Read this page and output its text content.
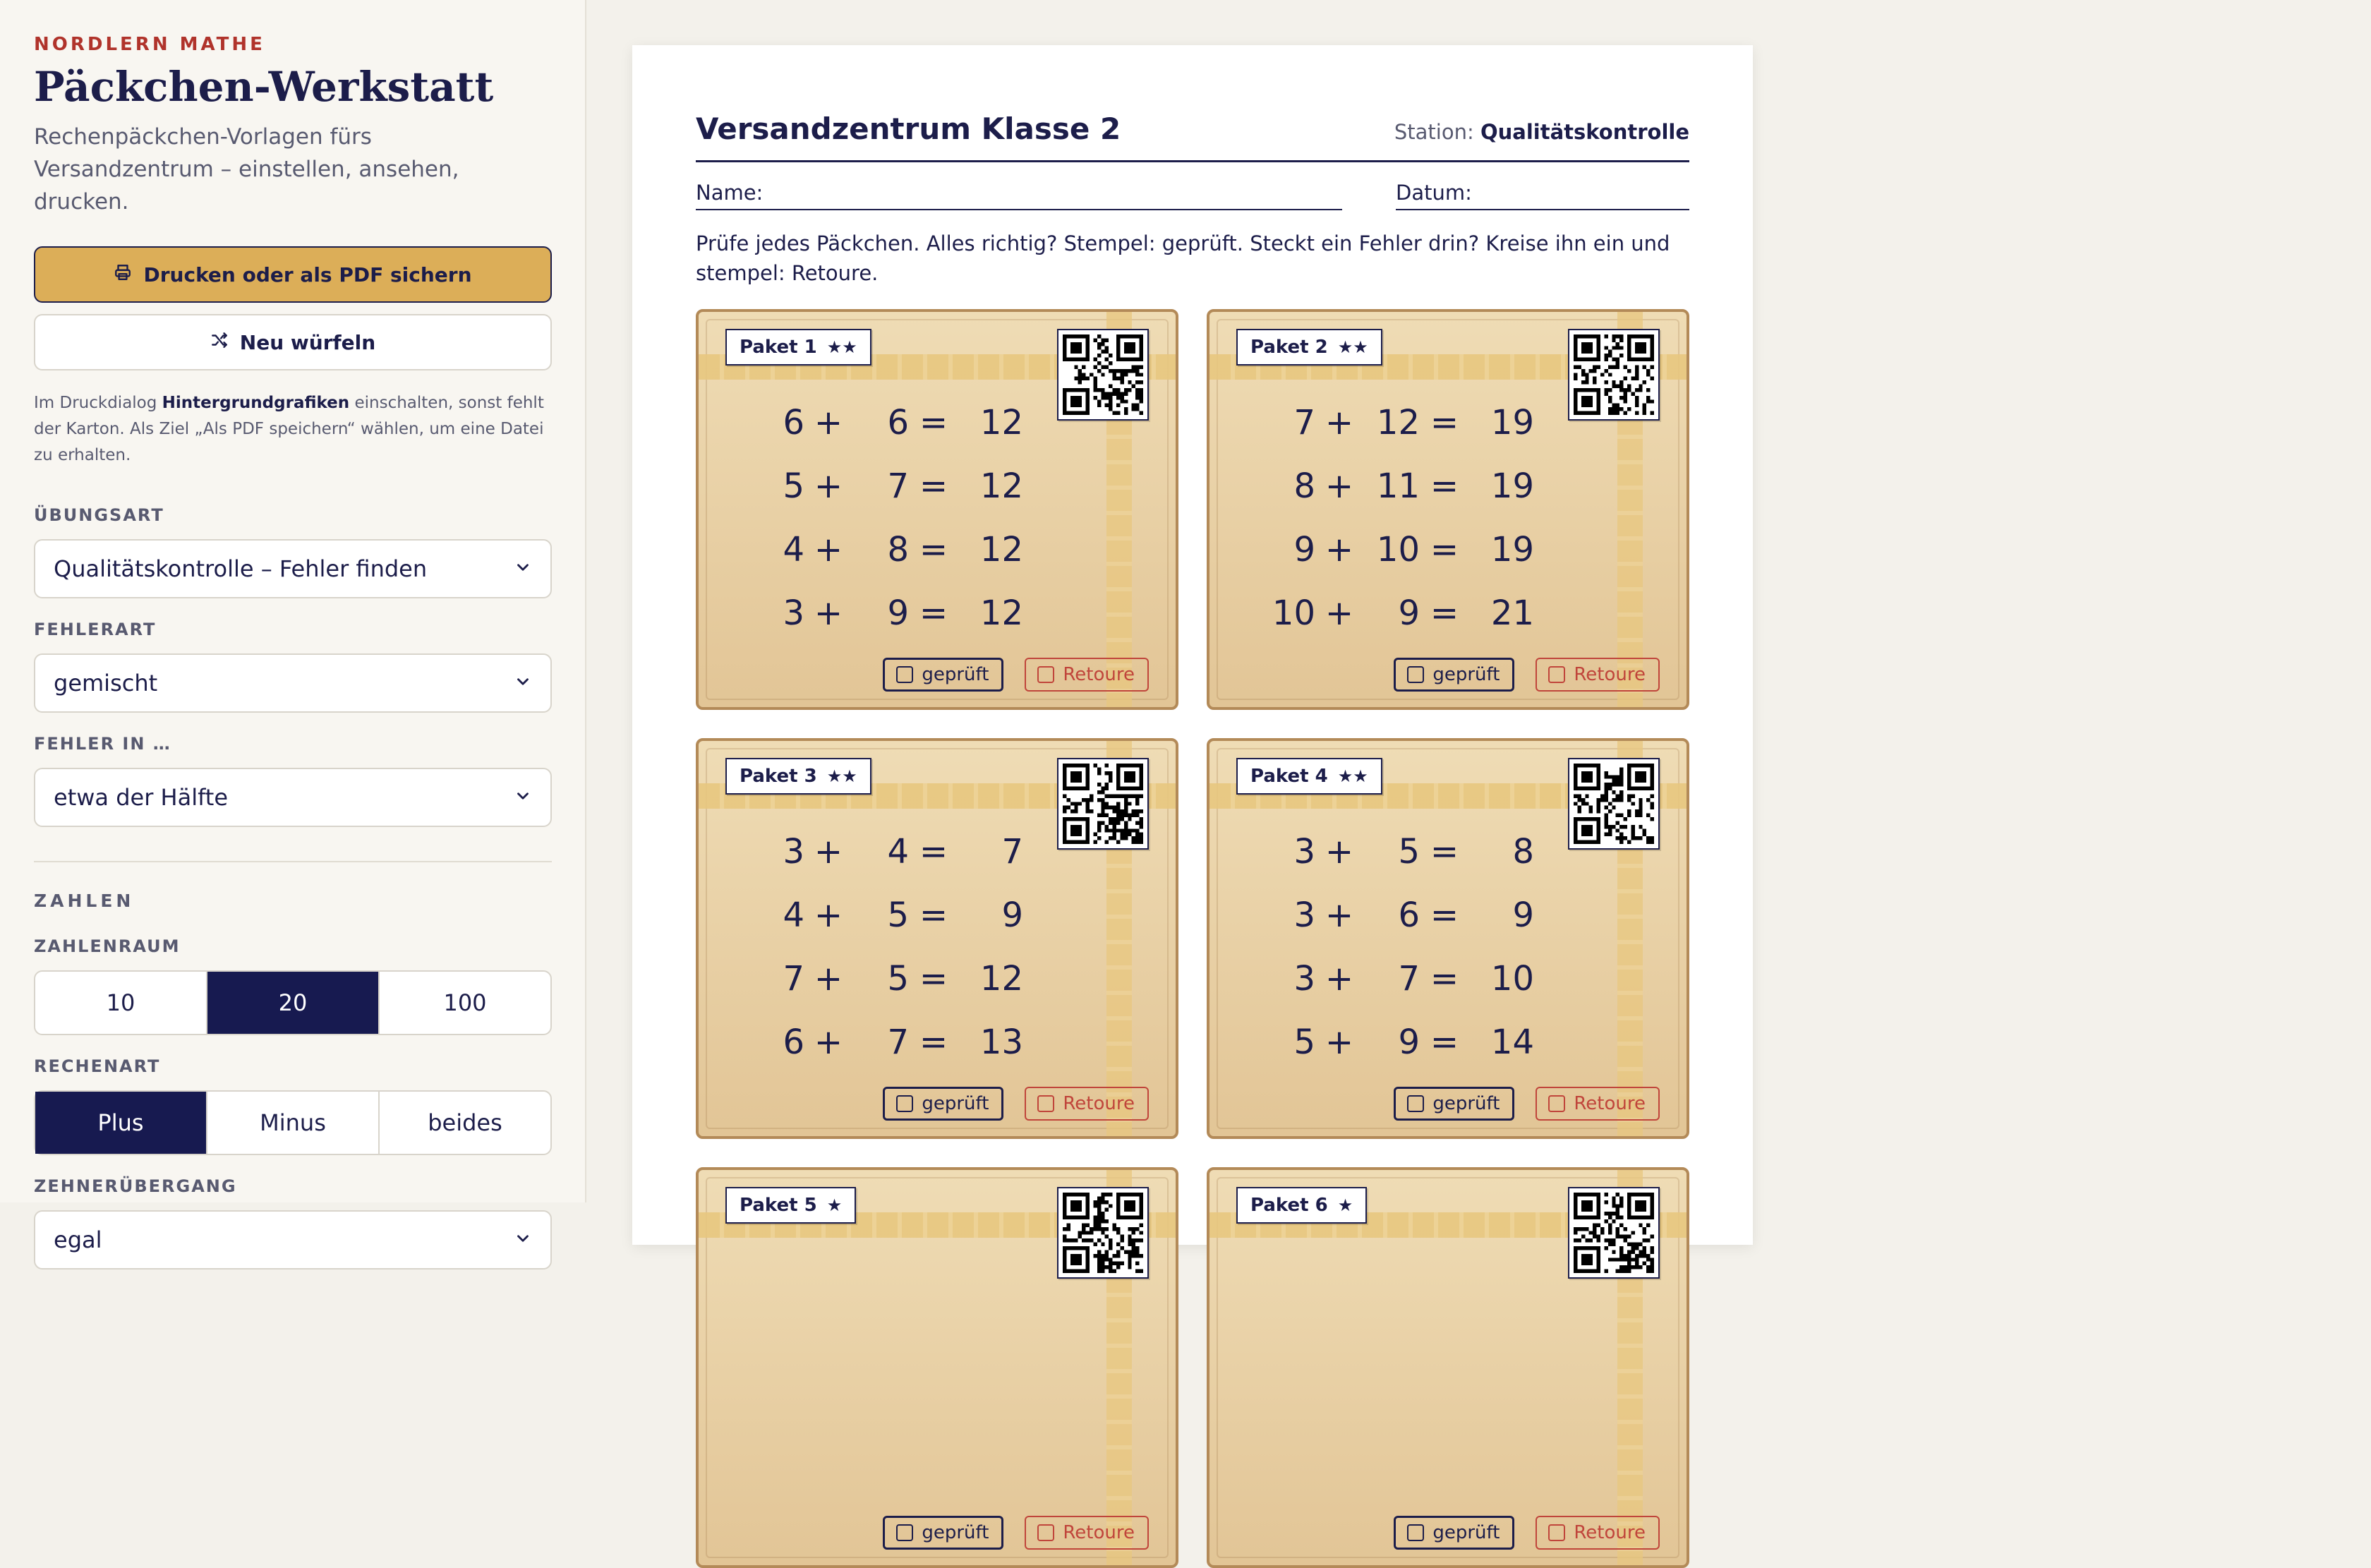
NORDLERN MATHE
Päckchen-Werkstatt

Rechenpäckchen-Vorlagen fürs Versandzentrum – einstellen, ansehen, drucken.

Drucken oder als PDF sichern
Neu würfeln

Im Druckdialog Hintergrundgrafiken einschalten, sonst fehlt der Karton. Als Ziel „Als PDF speichern“ wählen, um eine Datei zu erhalten.

ÜBUNGSART
Qualitätskontrolle – Fehler finden
FEHLERART
gemischt
FEHLER IN …
etwa der Hälfte
ZAHLEN
ZAHLENRAUM
10	20	100
RECHENART
Plus	Minus	beides
ZEHNERÜBERGANG
egal
Versandzentrum Klasse 2	Station: Qualitätskontrolle
Name:	Datum:

Prüfe jedes Päckchen. Alles richtig? Stempel: geprüft. Steckt ein Fehler drin? Kreise ihn ein und stempel: Retoure.

Paket 1 ★★
6 +	6 = 12
5 +	7 = 12
4 +	8 = 12
3 +	9 = 12
geprüft	Retoure
Paket 2 ★★
7 + 12 = 19
8 + 11 = 19
9 + 10 = 19
10 +	9 = 21
geprüft	Retoure
Paket 3 ★★
3 +	4 =	7
4 +	5 =	9
7 +	5 = 12
6 +	7 = 13
geprüft	Retoure
Paket 4 ★★
3 +	5 =	8
3 +	6 =	9
3 +	7 = 10
5 +	9 = 14
geprüft	Retoure
Paket 5 ★
geprüft	Retoure
Paket 6 ★
geprüft	Retoure
